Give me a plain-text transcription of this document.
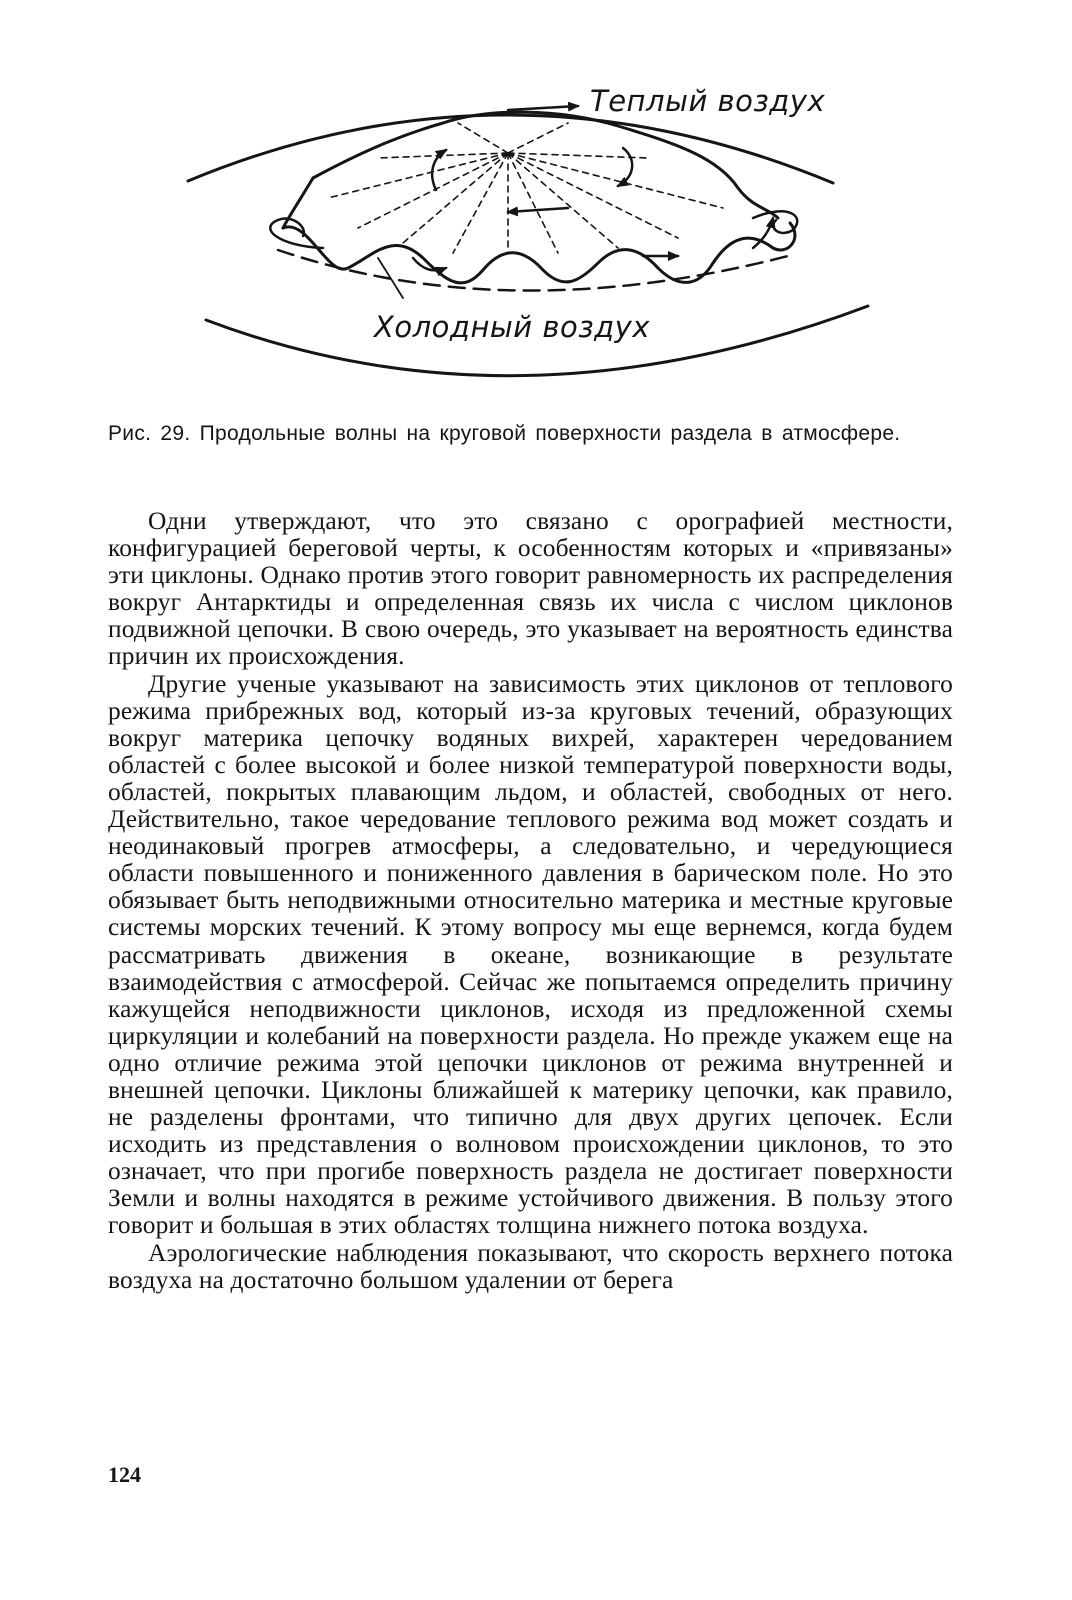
Теплый воздух
Холодный воздух
Рис. 29. Продольные волны на круговой поверхности раздела в атмосфере.

Одни утверждают, что это связано с орографией местности, конфигурацией береговой черты, к особенностям которых и «привязаны» эти циклоны. Однако против этого говорит равномерность их распределения вокруг Антарктиды и определенная связь их числа с числом циклонов подвижной цепочки. В свою очередь, это указывает на вероятность единства причин их происхождения.

Другие ученые указывают на зависимость этих циклонов от теплового режима прибрежных вод, который из-за круговых течений, образующих вокруг материка цепочку водяных вихрей, характерен чередованием областей с более высокой и более низкой температурой поверхности воды, областей, покрытых плавающим льдом, и областей, свободных от него. Действительно, такое чередование теплового режима вод может создать и неодинаковый прогрев атмосферы, а следовательно, и чередующиеся области повышенного и пониженного давления в барическом поле. Но это обязывает быть неподвижными относительно материка и местные круговые системы морских течений. К этому вопросу мы еще вернемся, когда будем рассматривать движения в океане, возникающие в результате взаимодействия с атмосферой. Сейчас же попытаемся определить причину кажущейся неподвижности циклонов, исходя из предложенной схемы циркуляции и колебаний на поверхности раздела. Но прежде укажем еще на одно отличие режима этой цепочки циклонов от режима внутренней и внешней цепочки. Циклоны ближайшей к материку цепочки, как правило, не разделены фронтами, что типично для двух других цепочек. Если исходить из представления о волновом происхождении циклонов, то это означает, что при прогибе поверхность раздела не достигает поверхности Земли и волны находятся в режиме устойчивого движения. В пользу этого говорит и большая в этих областях толщина нижнего потока воздуха.

Аэрологические наблюдения показывают, что скорость верхнего потока воздуха на достаточно большом удалении от берега

124
